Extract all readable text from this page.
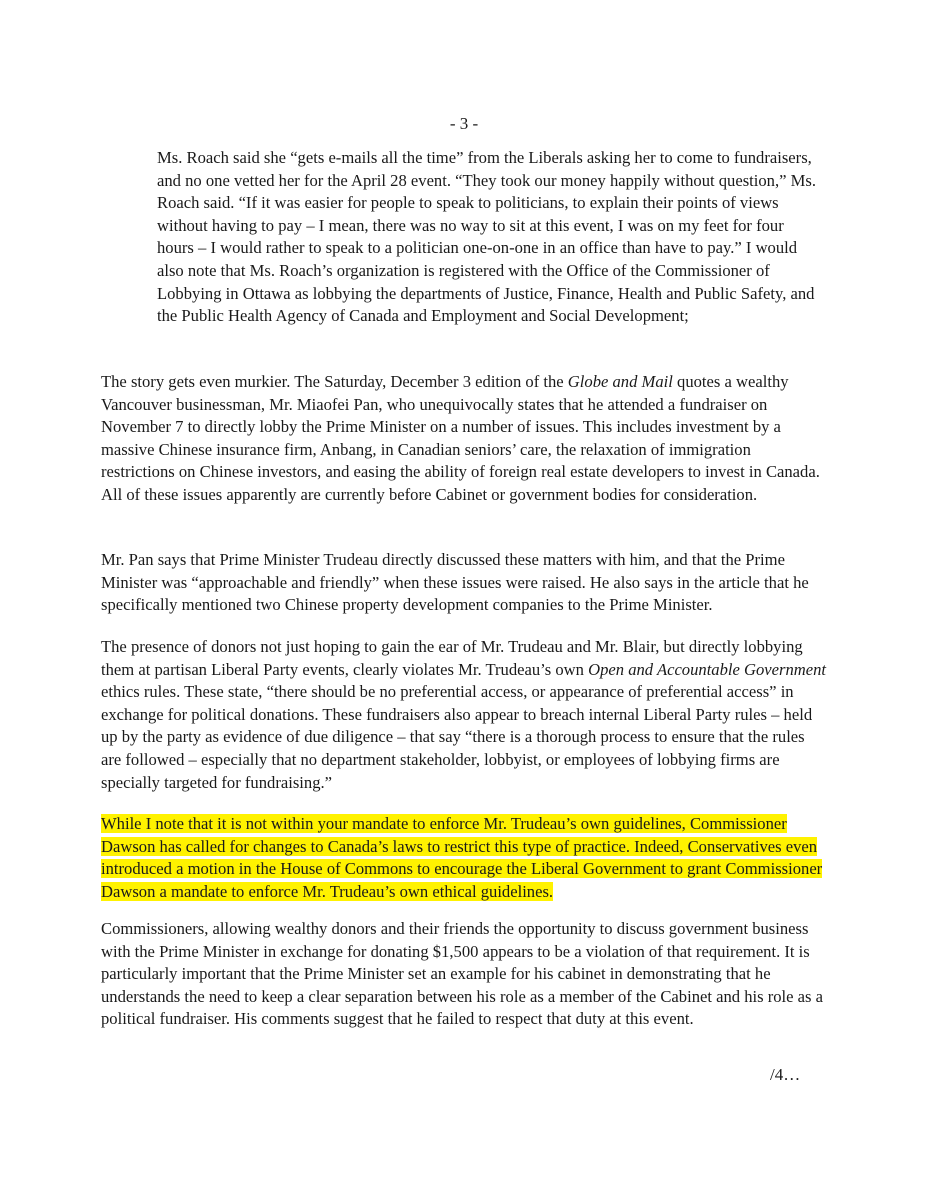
- 3 -

Ms. Roach said she “gets e-mails all the time” from the Liberals asking her to come to fundraisers, and no one vetted her for the April 28 event. “They took our money happily without question,” Ms. Roach said. “If it was easier for people to speak to politicians, to explain their points of views without having to pay – I mean, there was no way to sit at this event, I was on my feet for four hours – I would rather to speak to a politician one-on-one in an office than have to pay.” I would also note that Ms. Roach’s organization is registered with the Office of the Commissioner of Lobbying in Ottawa as lobbying the departments of Justice, Finance, Health and Public Safety, and the Public Health Agency of Canada and Employment and Social Development;

The story gets even murkier. The Saturday, December 3 edition of the Globe and Mail quotes a wealthy Vancouver businessman, Mr. Miaofei Pan, who unequivocally states that he attended a fundraiser on November 7 to directly lobby the Prime Minister on a number of issues. This includes investment by a massive Chinese insurance firm, Anbang, in Canadian seniors’ care, the relaxation of immigration restrictions on Chinese investors, and easing the ability of foreign real estate developers to invest in Canada. All of these issues apparently are currently before Cabinet or government bodies for consideration.

Mr. Pan says that Prime Minister Trudeau directly discussed these matters with him, and that the Prime Minister was “approachable and friendly” when these issues were raised. He also says in the article that he specifically mentioned two Chinese property development companies to the Prime Minister.

The presence of donors not just hoping to gain the ear of Mr. Trudeau and Mr. Blair, but directly lobbying them at partisan Liberal Party events, clearly violates Mr. Trudeau’s own Open and Accountable Government ethics rules. These state, “there should be no preferential access, or appearance of preferential access” in exchange for political donations. These fundraisers also appear to breach internal Liberal Party rules – held up by the party as evidence of due diligence – that say “there is a thorough process to ensure that the rules are followed – especially that no department stakeholder, lobbyist, or employees of lobbying firms are specially targeted for fundraising.”

While I note that it is not within your mandate to enforce Mr. Trudeau’s own guidelines, Commissioner Dawson has called for changes to Canada’s laws to restrict this type of practice. Indeed, Conservatives even introduced a motion in the House of Commons to encourage the Liberal Government to grant Commissioner Dawson a mandate to enforce Mr. Trudeau’s own ethical guidelines.

Commissioners, allowing wealthy donors and their friends the opportunity to discuss government business with the Prime Minister in exchange for donating $1,500 appears to be a violation of that requirement. It is particularly important that the Prime Minister set an example for his cabinet in demonstrating that he understands the need to keep a clear separation between his role as a member of the Cabinet and his role as a political fundraiser. His comments suggest that he failed to respect that duty at this event.

/4…
